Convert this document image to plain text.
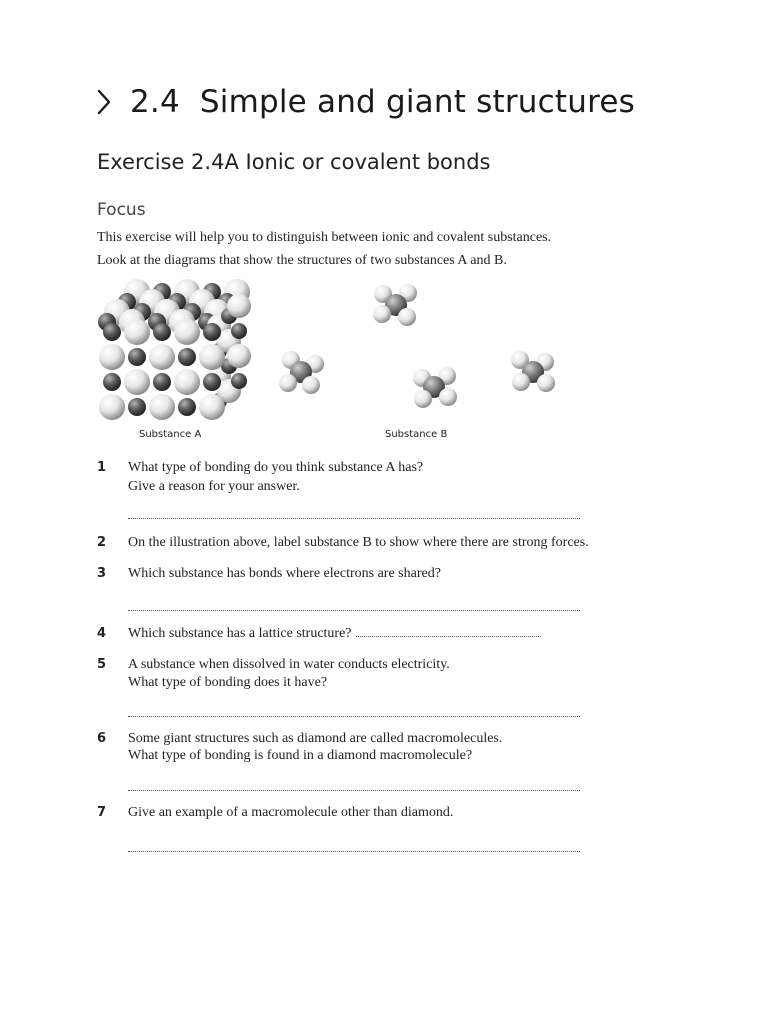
2.4 Simple and giant structures
Exercise 2.4A Ionic or covalent bonds
Focus
This exercise will help you to distinguish between ionic and covalent substances.
Look at the diagrams that show the structures of two substances A and B.
Substance A	Substance B
1 What type of bonding do you think substance A has?
Give a reason for your answer.
2 On the illustration above, label substance B to show where there are strong forces.
3 Which substance has bonds where electrons are shared?
4 Which substance has a lattice structure?
5 A substance when dissolved in water conducts electricity.
What type of bonding does it have?
6 Some giant structures such as diamond are called macromolecules.
What type of bonding is found in a diamond macromolecule?
7 Give an example of a macromolecule other than diamond.
